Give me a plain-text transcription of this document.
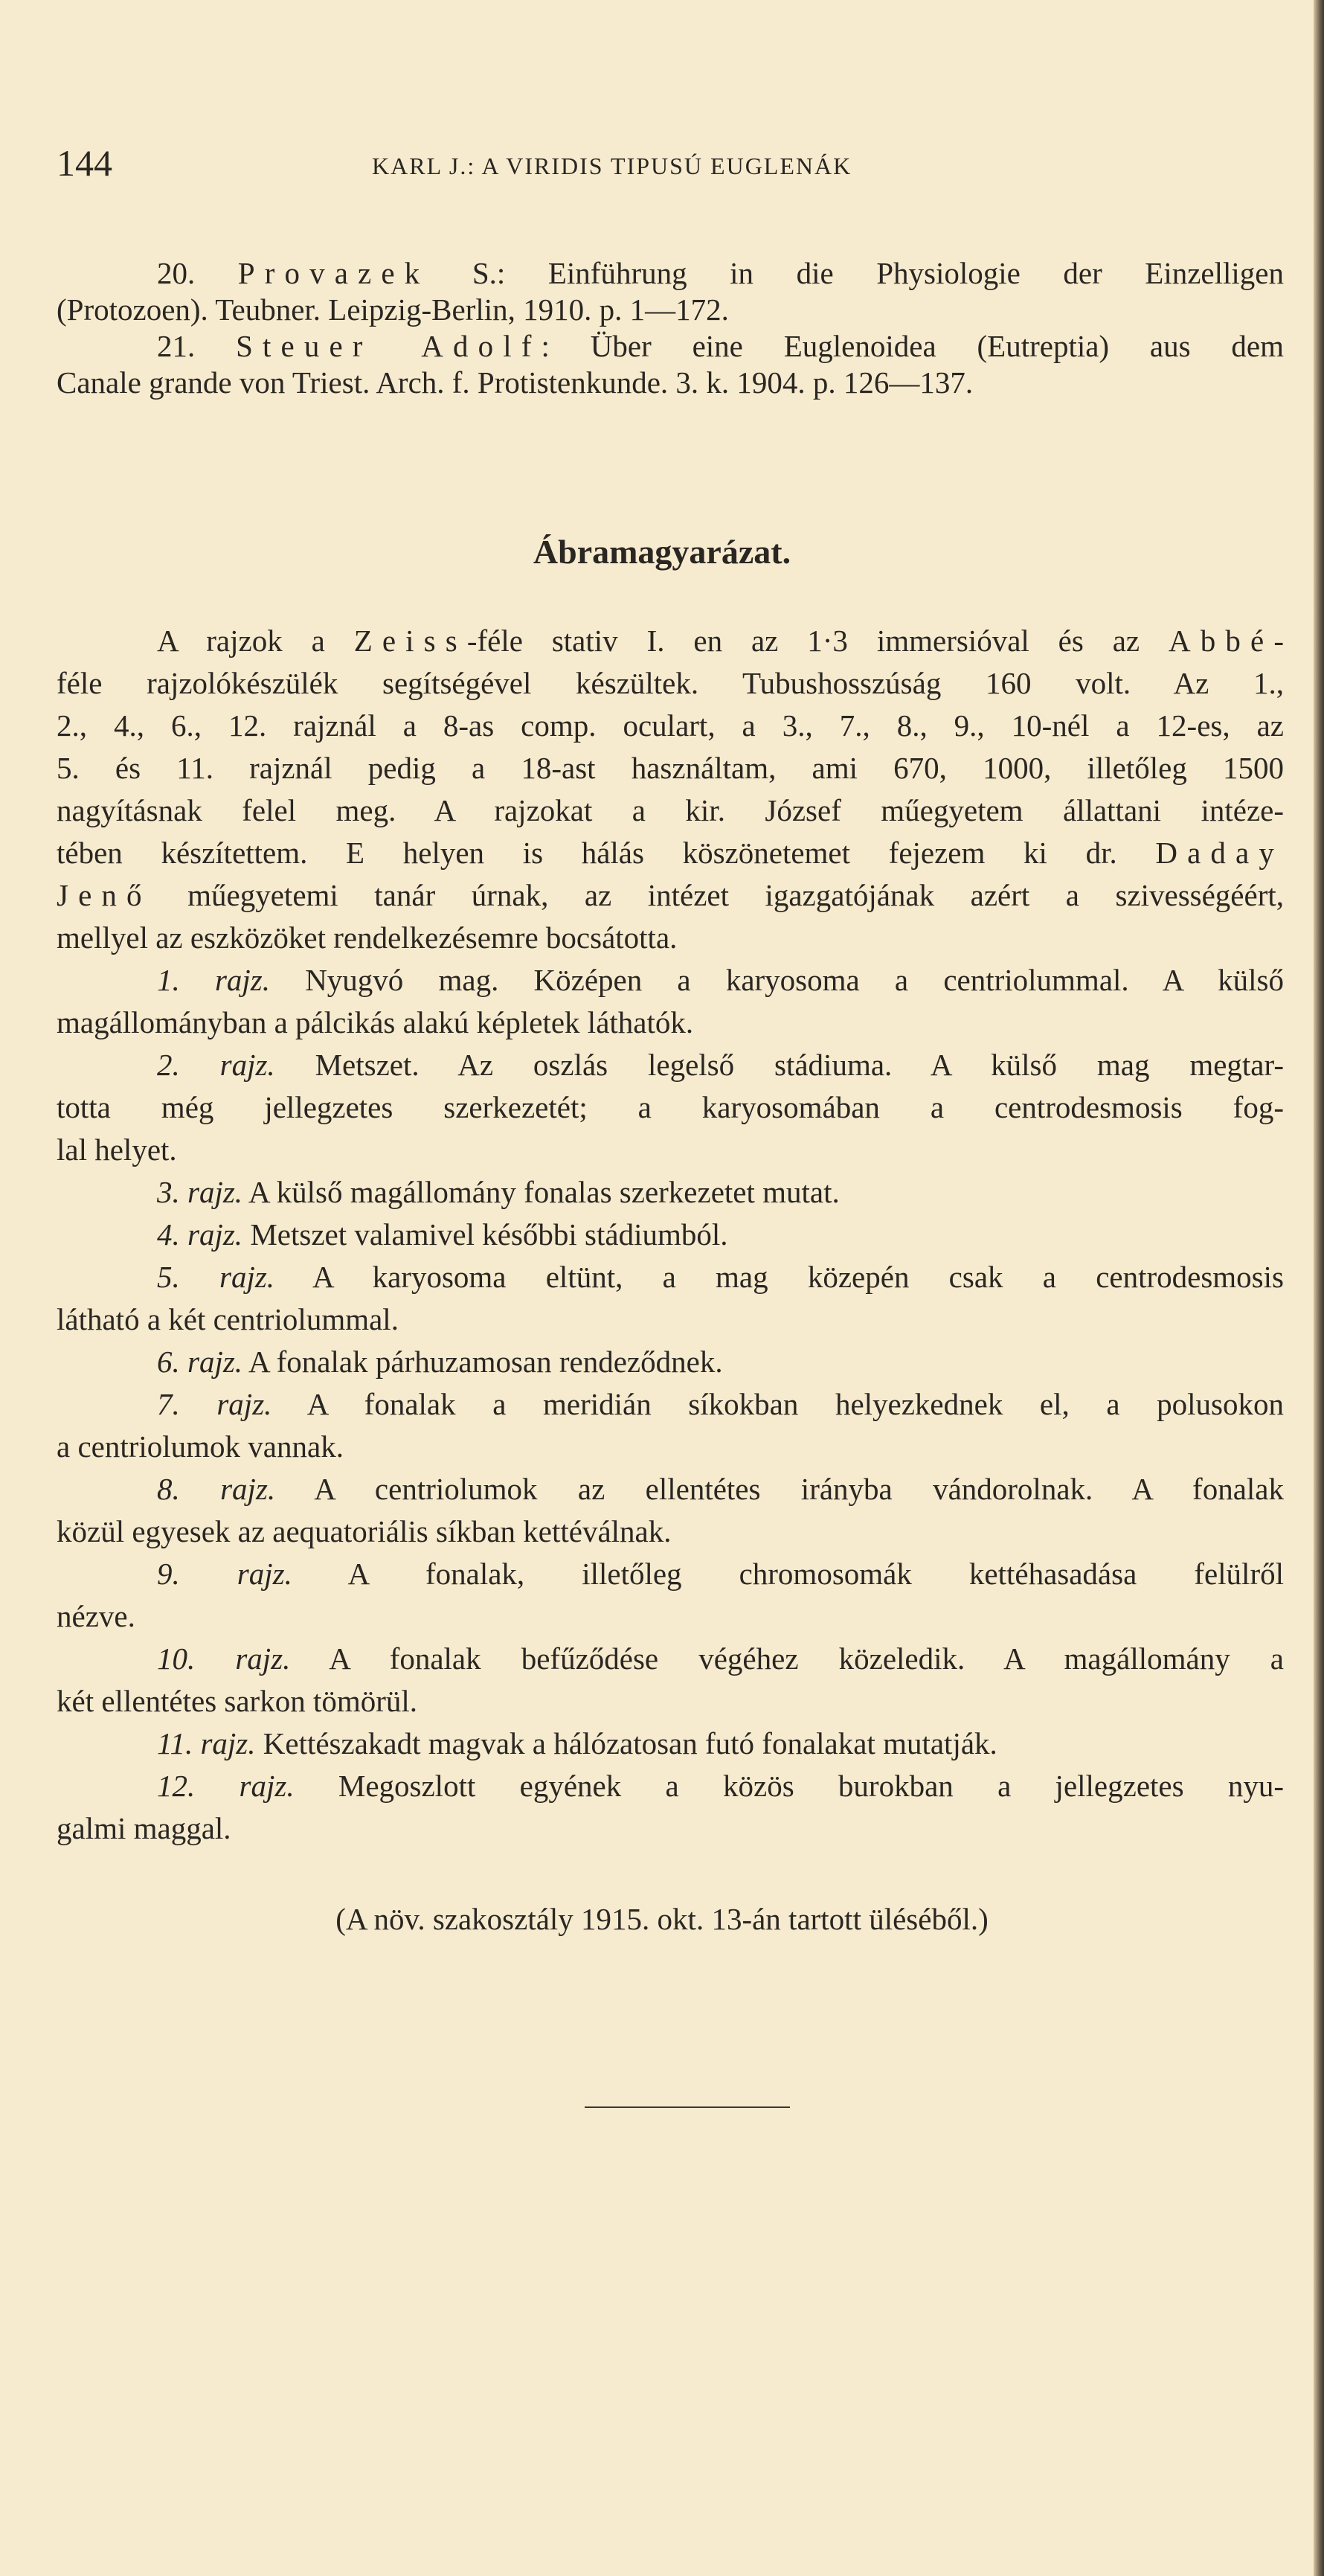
144	KARL J.: A VIRIDIS TIPUSÚ EUGLENÁK
20. Provazek S.: Einführung in die Physiologie der Einzelligen
(Protozoen). Teubner. Leipzig-Berlin, 1910. p. 1—172.
21. Steuer Adolf: Über eine Euglenoidea (Eutreptia) aus dem
Canale grande von Triest. Arch. f. Protistenkunde. 3. k. 1904. p. 126—137.
Ábramagyarázat.
A rajzok a Zeiss-féle stativ I. en az 1·3 immersióval és az Abbé-
féle rajzolókészülék segítségével készültek. Tubushosszúság 160 volt. Az 1.,
2., 4., 6., 12. rajznál a 8-as comp. oculart, a 3., 7., 8., 9., 10-nél a 12-es, az
5. és 11. rajznál pedig a 18-ast használtam, ami 670, 1000, illetőleg 1500
nagyításnak felel meg. A rajzokat a kir. József műegyetem állattani intéze-
tében készítettem. E helyen is hálás köszönetemet fejezem ki dr. Daday
Jenő műegyetemi tanár úrnak, az intézet igazgatójának azért a szivességéért,
mellyel az eszközöket rendelkezésemre bocsátotta.
1. rajz. Nyugvó mag. Középen a karyosoma a centriolummal. A külső
magállományban a pálcikás alakú képletek láthatók.
2. rajz. Metszet. Az oszlás legelső stádiuma. A külső mag megtar-
totta még jellegzetes szerkezetét; a karyosomában a centrodesmosis fog-
lal helyet.
3. rajz. A külső magállomány fonalas szerkezetet mutat.
4. rajz. Metszet valamivel későbbi stádiumból.
5. rajz. A karyosoma eltünt, a mag közepén csak a centrodesmosis
látható a két centriolummal.
6. rajz. A fonalak párhuzamosan rendeződnek.
7. rajz. A fonalak a meridián síkokban helyezkednek el, a polusokon
a centriolumok vannak.
8. rajz. A centriolumok az ellentétes irányba vándorolnak. A fonalak
közül egyesek az aequatoriális síkban kettéválnak.
9. rajz. A fonalak, illetőleg chromosomák kettéhasadása felülről
nézve.
10. rajz. A fonalak befűződése végéhez közeledik. A magállomány a
két ellentétes sarkon tömörül.
11. rajz. Kettészakadt magvak a hálózatosan futó fonalakat mutatják.
12. rajz. Megoszlott egyének a közös burokban a jellegzetes nyu-
galmi maggal.
(A növ. szakosztály 1915. okt. 13-án tartott üléséből.)
